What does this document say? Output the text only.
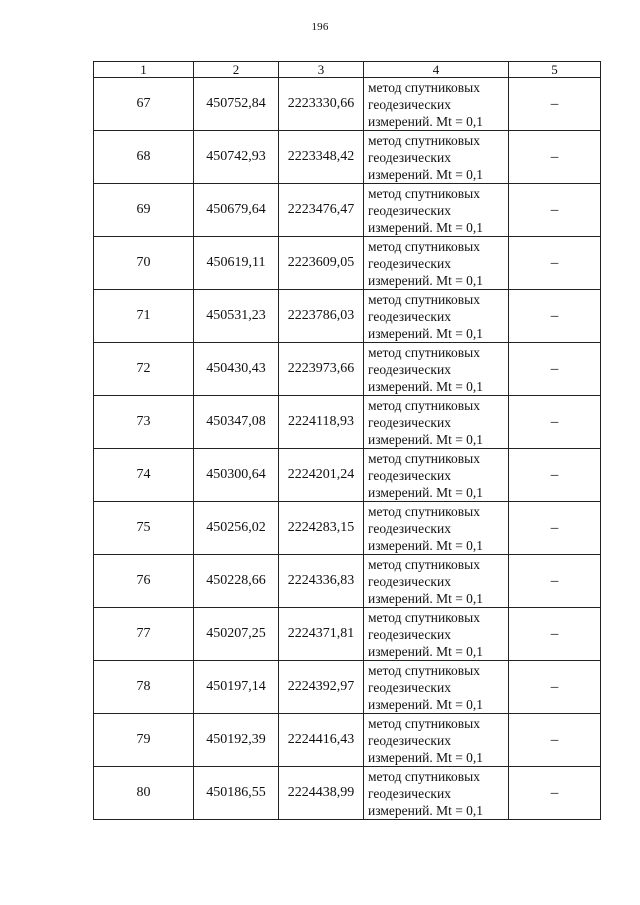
196
1	2	3	4	5
67	450752,84	2223330,66	метод спутниковых
геодезических
измерений. Mt = 0,1	–
68	450742,93	2223348,42	метод спутниковых
геодезических
измерений. Mt = 0,1	–
69	450679,64	2223476,47	метод спутниковых
геодезических
измерений. Mt = 0,1	–
70	450619,11	2223609,05	метод спутниковых
геодезических
измерений. Mt = 0,1	–
71	450531,23	2223786,03	метод спутниковых
геодезических
измерений. Mt = 0,1	–
72	450430,43	2223973,66	метод спутниковых
геодезических
измерений. Mt = 0,1	–
73	450347,08	2224118,93	метод спутниковых
геодезических
измерений. Mt = 0,1	–
74	450300,64	2224201,24	метод спутниковых
геодезических
измерений. Mt = 0,1	–
75	450256,02	2224283,15	метод спутниковых
геодезических
измерений. Mt = 0,1	–
76	450228,66	2224336,83	метод спутниковых
геодезических
измерений. Mt = 0,1	–
77	450207,25	2224371,81	метод спутниковых
геодезических
измерений. Mt = 0,1	–
78	450197,14	2224392,97	метод спутниковых
геодезических
измерений. Mt = 0,1	–
79	450192,39	2224416,43	метод спутниковых
геодезических
измерений. Mt = 0,1	–
80	450186,55	2224438,99	метод спутниковых
геодезических
измерений. Mt = 0,1	–
